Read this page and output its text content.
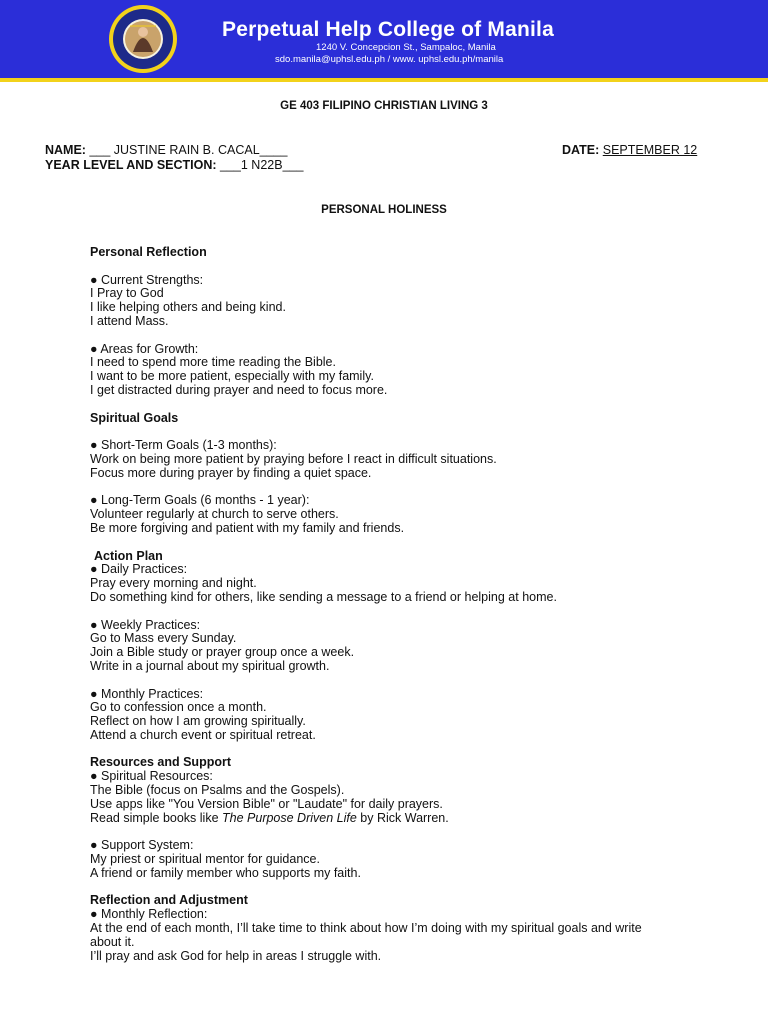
Perpetual Help College of Manila
1240 V. Concepcion St., Sampaloc, Manila
sdo.manila@uphsl.edu.ph / www. uphsl.edu.ph/manila
GE 403 FILIPINO CHRISTIAN LIVING 3
NAME: ___ JUSTINE RAIN B. CACAL____
YEAR LEVEL AND SECTION: ___1 N22B___
DATE: SEPTEMBER 12
PERSONAL HOLINESS

Personal Reflection

● Current Strengths:

I Pray to God

I like helping others and being kind.

I attend Mass.

● Areas for Growth:

I need to spend more time reading the Bible.

I want to be more patient, especially with my family.

I get distracted during prayer and need to focus more.

Spiritual Goals

● Short-Term Goals (1-3 months):

Work on being more patient by praying before I react in difficult situations.

Focus more during prayer by finding a quiet space.

● Long-Term Goals (6 months - 1 year):

Volunteer regularly at church to serve others.

Be more forgiving and patient with my family and friends.

Action Plan

● Daily Practices:

Pray every morning and night.

Do something kind for others, like sending a message to a friend or helping at home.

● Weekly Practices:

Go to Mass every Sunday.

Join a Bible study or prayer group once a week.

Write in a journal about my spiritual growth.

● Monthly Practices:

Go to confession once a month.

Reflect on how I am growing spiritually.

Attend a church event or spiritual retreat.

Resources and Support

● Spiritual Resources:

The Bible (focus on Psalms and the Gospels).

Use apps like "You Version Bible" or "Laudate" for daily prayers.

Read simple books like The Purpose Driven Life by Rick Warren.

● Support System:

My priest or spiritual mentor for guidance.

A friend or family member who supports my faith.

Reflection and Adjustment

● Monthly Reflection:

At the end of each month, I’ll take time to think about how I’m doing with my spiritual goals and write

about it.

I’ll pray and ask God for help in areas I struggle with.
